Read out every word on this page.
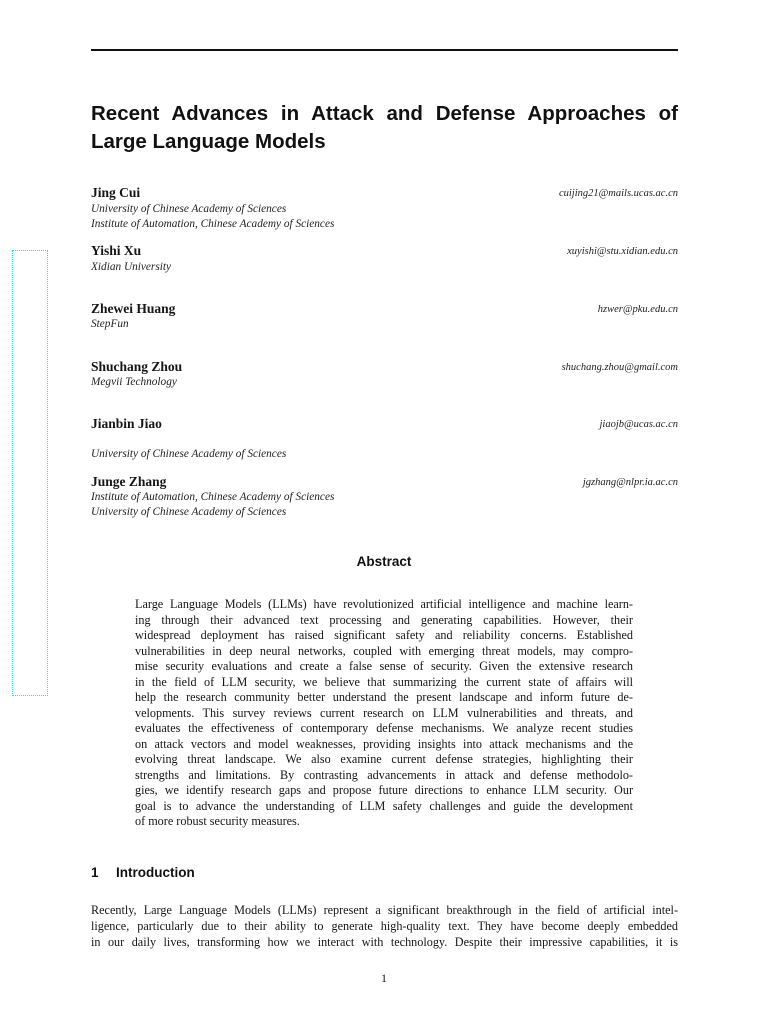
Recent Advances in Attack and Defense Approaches of
Large Language Models
Jing Cui	cuijing21@mails.ucas.ac.cn
University of Chinese Academy of Sciences
Institute of Automation, Chinese Academy of Sciences
Yishi Xu	xuyishi@stu.xidian.edu.cn
Xidian University
Zhewei Huang	hzwer@pku.edu.cn
StepFun
Shuchang Zhou	shuchang.zhou@gmail.com
Megvii Technology
Jianbin Jiao	jiaojb@ucas.ac.cn
University of Chinese Academy of Sciences
Junge Zhang	jgzhang@nlpr.ia.ac.cn
Institute of Automation, Chinese Academy of Sciences
University of Chinese Academy of Sciences
Abstract
Large Language Models (LLMs) have revolutionized artificial intelligence and machine learn-
ing through their advanced text processing and generating capabilities. However, their
widespread deployment has raised significant safety and reliability concerns. Established
vulnerabilities in deep neural networks, coupled with emerging threat models, may compro-
mise security evaluations and create a false sense of security. Given the extensive research
in the field of LLM security, we believe that summarizing the current state of affairs will
help the research community better understand the present landscape and inform future de-
velopments. This survey reviews current research on LLM vulnerabilities and threats, and
evaluates the effectiveness of contemporary defense mechanisms. We analyze recent studies
on attack vectors and model weaknesses, providing insights into attack mechanisms and the
evolving threat landscape. We also examine current defense strategies, highlighting their
strengths and limitations. By contrasting advancements in attack and defense methodolo-
gies, we identify research gaps and propose future directions to enhance LLM security. Our
goal is to advance the understanding of LLM safety challenges and guide the development
of more robust security measures.
1 Introduction
Recently, Large Language Models (LLMs) represent a significant breakthrough in the field of artificial intel-
ligence, particularly due to their ability to generate high-quality text. They have become deeply embedded
in our daily lives, transforming how we interact with technology. Despite their impressive capabilities, it is
1
